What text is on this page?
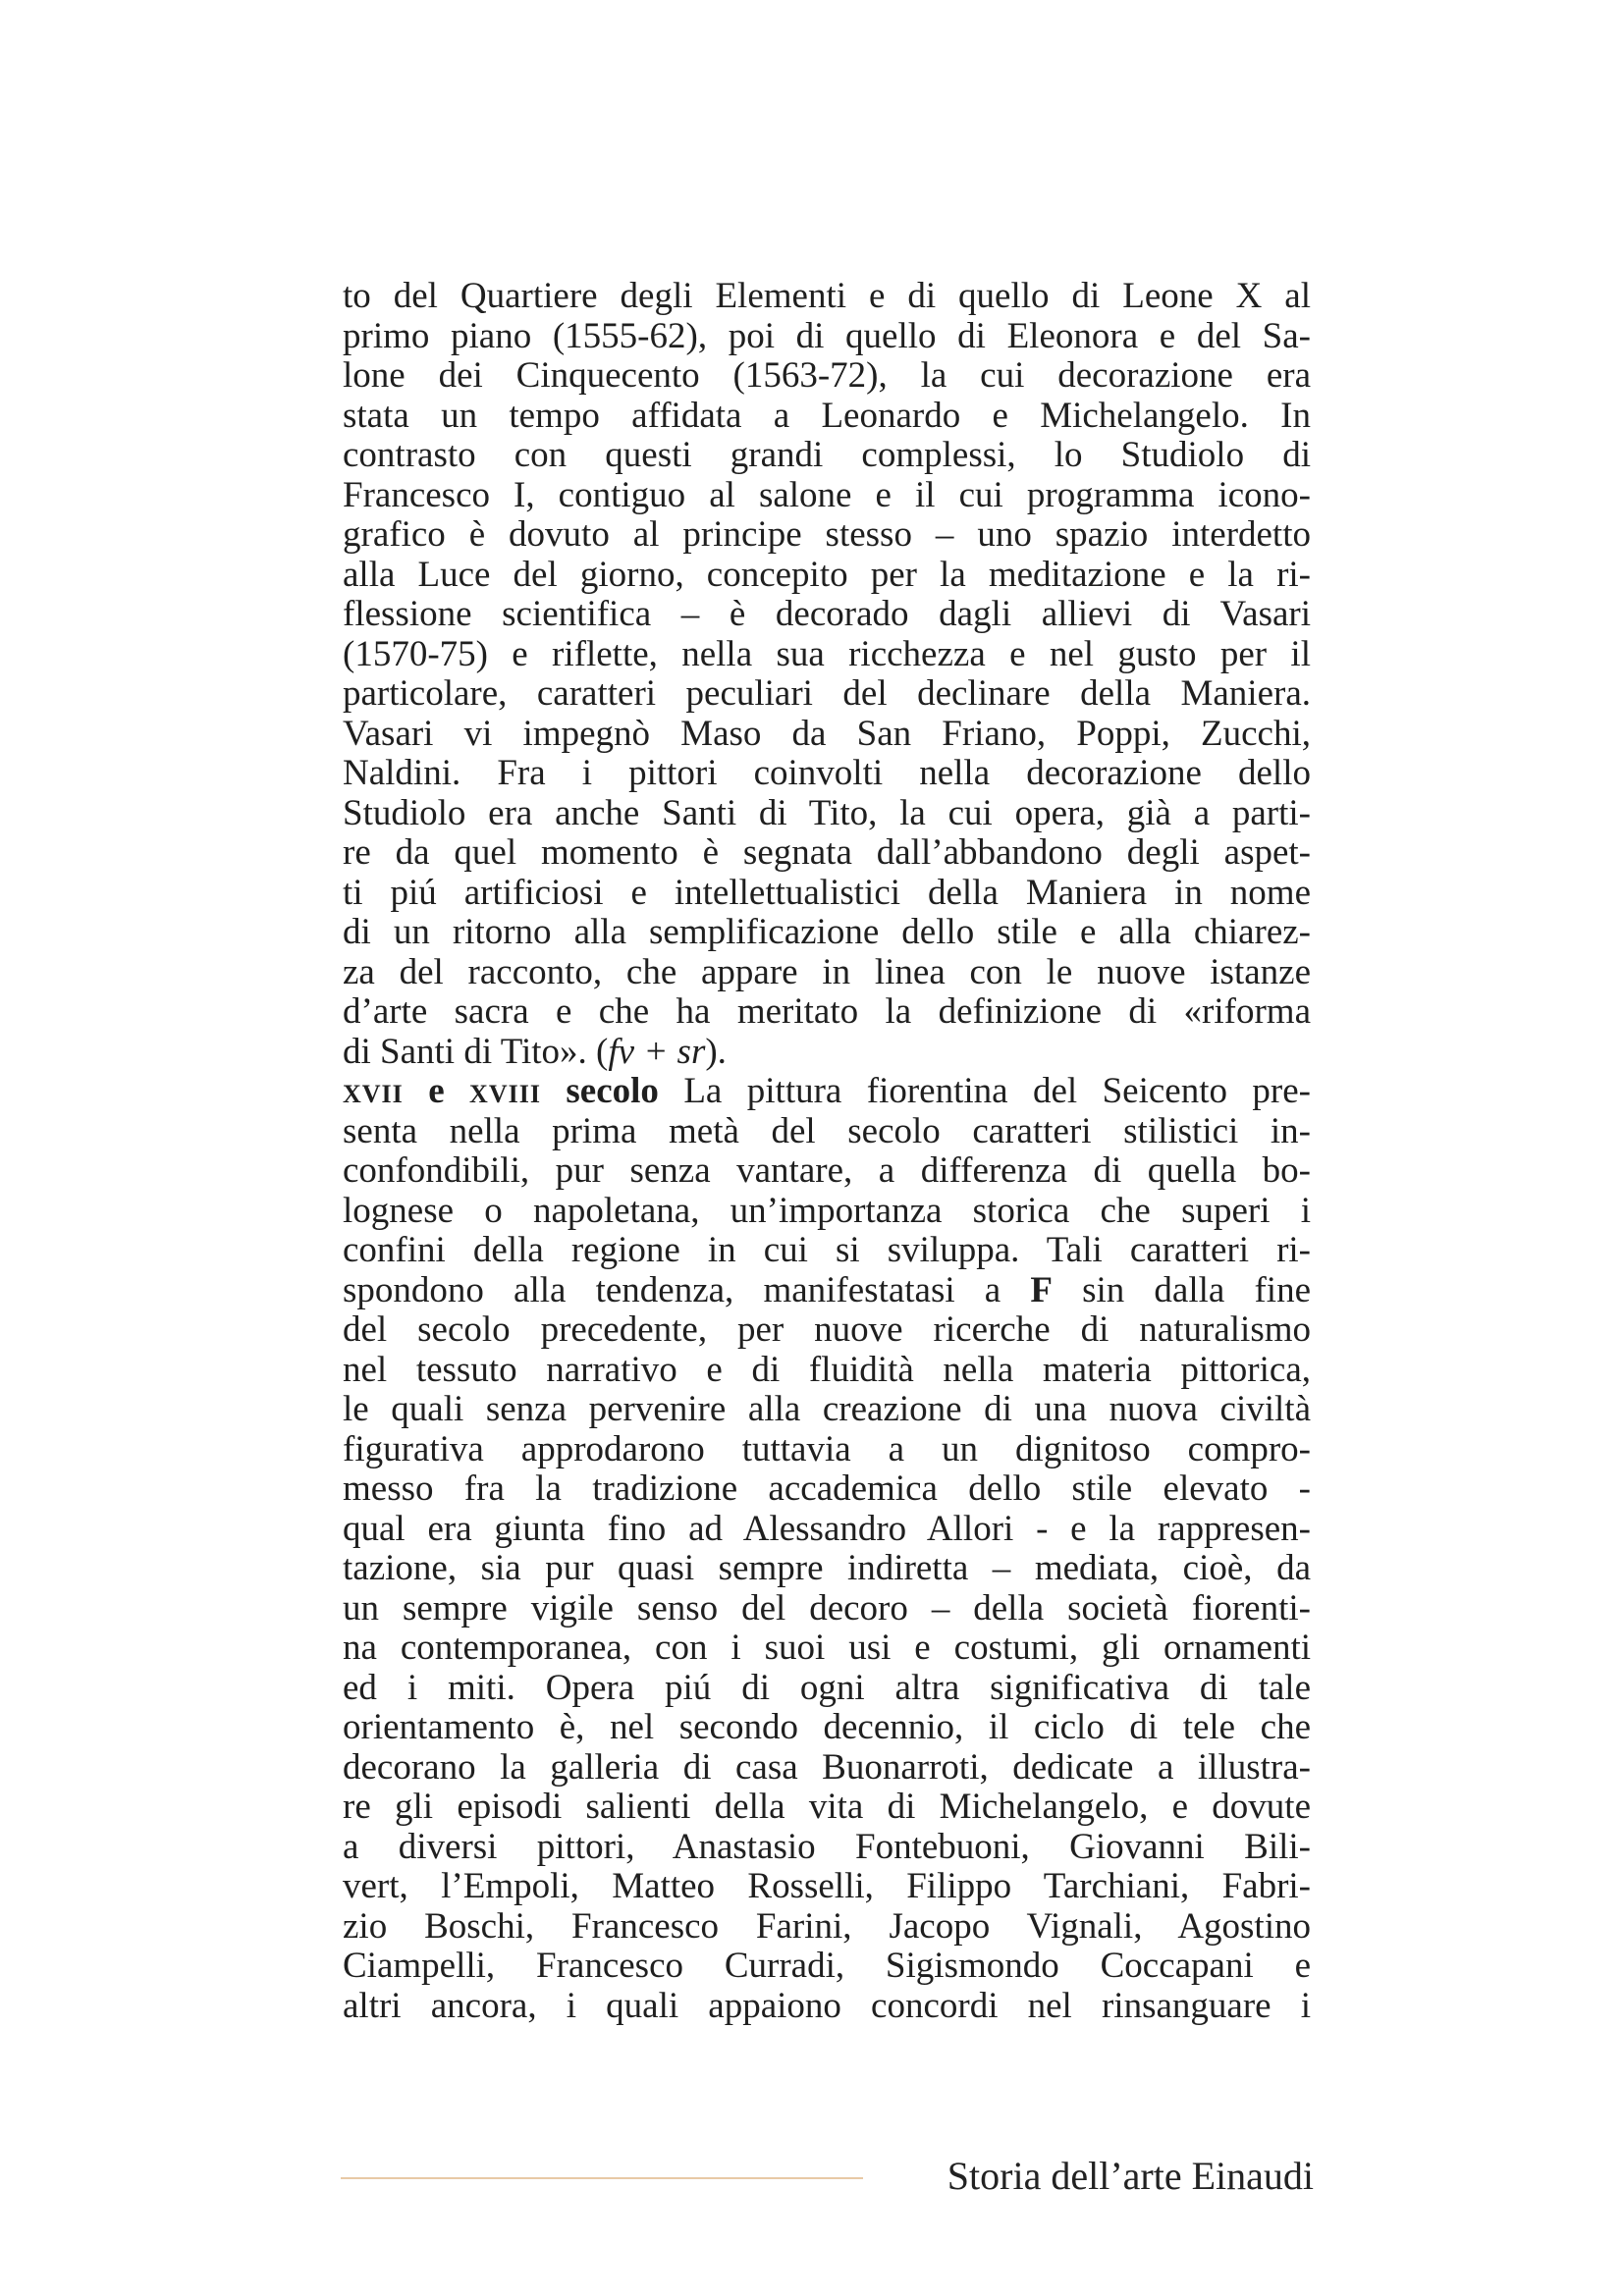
to del Quartiere degli Elementi e di quello di Leone X al
primo piano (1555-62), poi di quello di Eleonora e del Sa-
lone dei Cinquecento (1563-72), la cui decorazione era
stata un tempo affidata a Leonardo e Michelangelo. In
contrasto con questi grandi complessi, lo Studiolo di
Francesco I, contiguo al salone e il cui programma icono-
grafico è dovuto al principe stesso – uno spazio interdetto
alla Luce del giorno, concepito per la meditazione e la ri-
flessione scientifica – è decorado dagli allievi di Vasari
(1570-75) e riflette, nella sua ricchezza e nel gusto per il
particolare, caratteri peculiari del declinare della Maniera.
Vasari vi impegnò Maso da San Friano, Poppi, Zucchi,
Naldini. Fra i pittori coinvolti nella decorazione dello
Studiolo era anche Santi di Tito, la cui opera, già a parti-
re da quel momento è segnata dall’abbandono degli aspet-
ti piú artificiosi e intellettualistici della Maniera in nome
di un ritorno alla semplificazione dello stile e alla chiarez-
za del racconto, che appare in linea con le nuove istanze
d’arte sacra e che ha meritato la definizione di «riforma
di Santi di Tito». (fv + sr).
xvii e xviii secolo La pittura fiorentina del Seicento pre-
senta nella prima metà del secolo caratteri stilistici in-
confondibili, pur senza vantare, a differenza di quella bo-
lognese o napoletana, un’importanza storica che superi i
confini della regione in cui si sviluppa. Tali caratteri ri-
spondono alla tendenza, manifestatasi a F sin dalla fine
del secolo precedente, per nuove ricerche di naturalismo
nel tessuto narrativo e di fluidità nella materia pittorica,
le quali senza pervenire alla creazione di una nuova civiltà
figurativa approdarono tuttavia a un dignitoso compro-
messo fra la tradizione accademica dello stile elevato -
qual era giunta fino ad Alessandro Allori - e la rappresen-
tazione, sia pur quasi sempre indiretta – mediata, cioè, da
un sempre vigile senso del decoro – della società fiorenti-
na contemporanea, con i suoi usi e costumi, gli ornamenti
ed i miti. Opera piú di ogni altra significativa di tale
orientamento è, nel secondo decennio, il ciclo di tele che
decorano la galleria di casa Buonarroti, dedicate a illustra-
re gli episodi salienti della vita di Michelangelo, e dovute
a diversi pittori, Anastasio Fontebuoni, Giovanni Bili-
vert, l’Empoli, Matteo Rosselli, Filippo Tarchiani, Fabri-
zio Boschi, Francesco Farini, Jacopo Vignali, Agostino
Ciampelli, Francesco Curradi, Sigismondo Coccapani e
altri ancora, i quali appaiono concordi nel rinsanguare i
Storia dell’arte Einaudi
